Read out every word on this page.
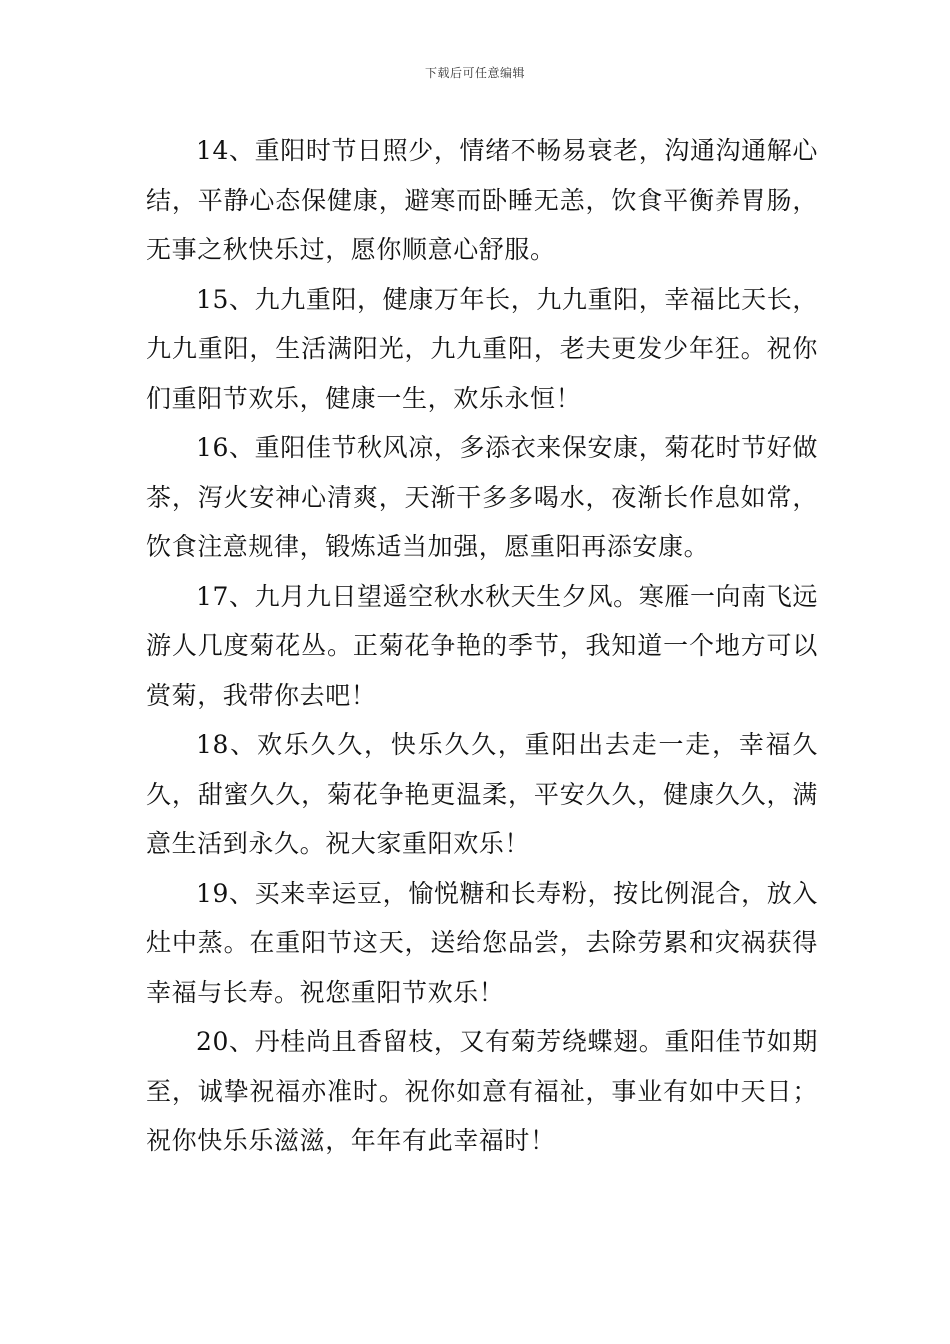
下载后可任意编辑

14、重阳时节日照少，情绪不畅易衰老，沟通沟通解心结，平静心态保健康，避寒而卧睡无恙，饮食平衡养胃肠，无事之秋快乐过，愿你顺意心舒服。

15、九九重阳，健康万年长，九九重阳，幸福比天长，九九重阳，生活满阳光，九九重阳，老夫更发少年狂。祝你们重阳节欢乐，健康一生，欢乐永恒！

16、重阳佳节秋风凉，多添衣来保安康，菊花时节好做茶，泻火安神心清爽，天渐干多多喝水，夜渐长作息如常，饮食注意规律，锻炼适当加强，愿重阳再添安康。

17、九月九日望遥空秋水秋天生夕风。寒雁一向南飞远游人几度菊花丛。正菊花争艳的季节，我知道一个地方可以赏菊，我带你去吧！

18、欢乐久久，快乐久久，重阳出去走一走，幸福久久，甜蜜久久，菊花争艳更温柔，平安久久，健康久久，满意生活到永久。祝大家重阳欢乐！

19、买来幸运豆，愉悦糖和长寿粉，按比例混合，放入灶中蒸。在重阳节这天，送给您品尝，去除劳累和灾祸获得幸福与长寿。祝您重阳节欢乐！

20、丹桂尚且香留枝，又有菊芳绕蝶翅。重阳佳节如期至，诚挚祝福亦准时。祝你如意有福祉，事业有如中天日；祝你快乐乐滋滋，年年有此幸福时！
